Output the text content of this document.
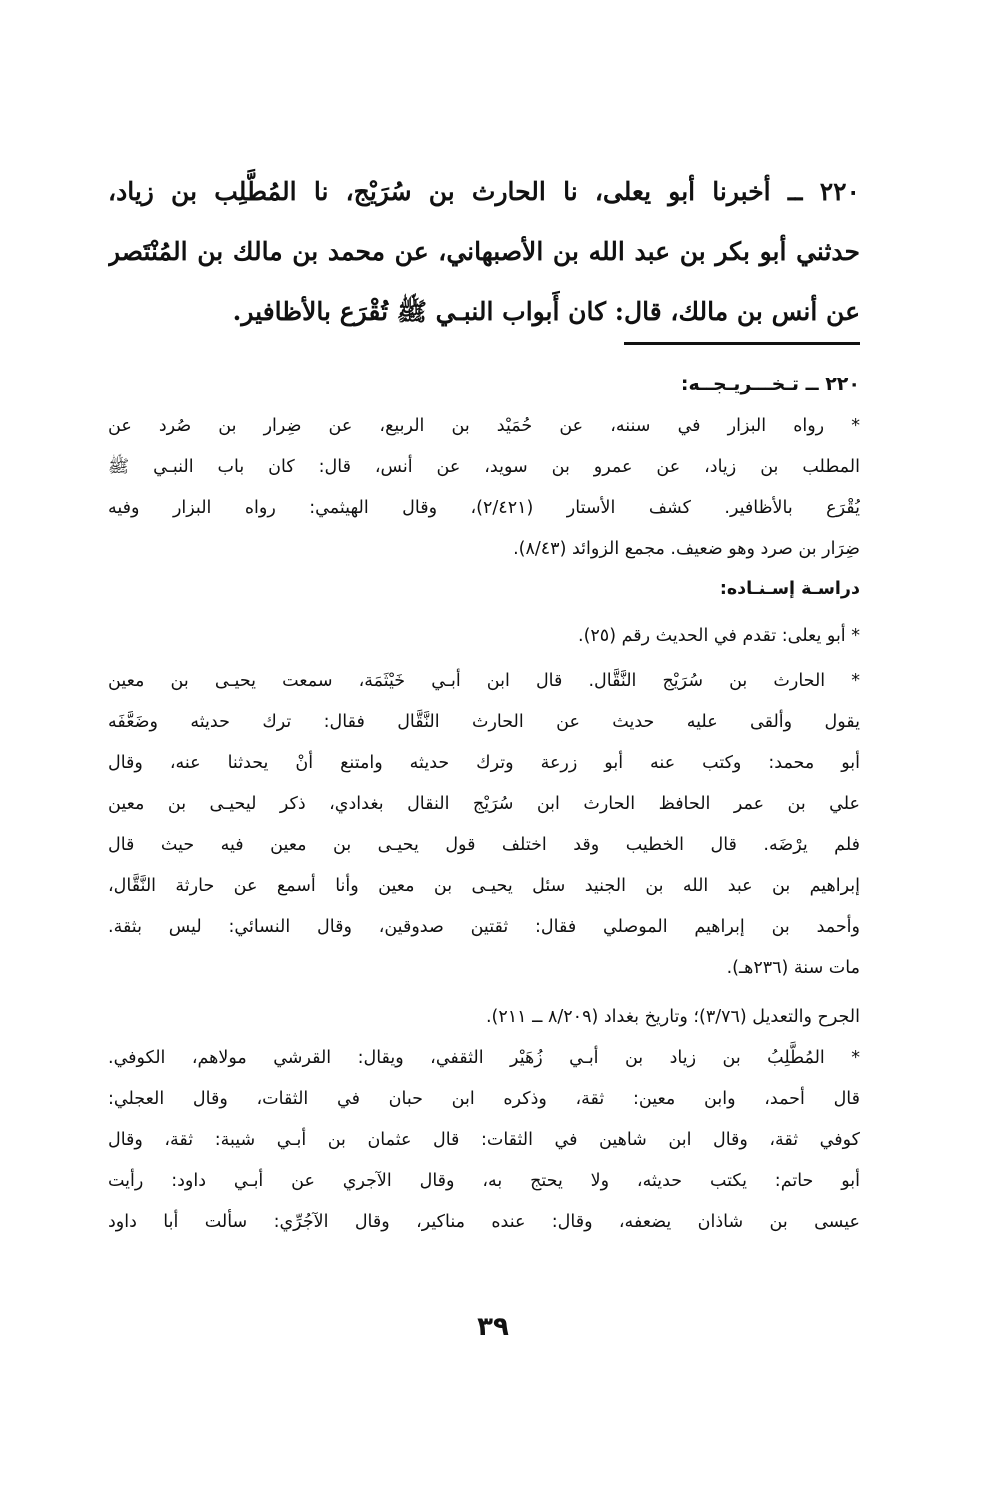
٢٢٠ ــ أخبرنا أبو يعلى، نا الحارث بن سُرَيْج، نا المُطَّلِب بن زياد،
حدثني أبو بكر بن عبد الله بن الأصبهاني، عن محمد بن مالك بن المُنْتَصر
عن أنس بن مالك، قال: كان أَبواب النبـي ﷺ تُقْرَع بالأظافير.

٢٢٠ ــ تـخـــريـجــه:

* رواه البزار في سننه، عن حُمَيْد بن الربيع، عن ضِرار بن صُرد عن
المطلب بن زياد، عن عمرو بن سويد، عن أنس، قال: كان باب النبـي ﷺ
يُقْرَع بالأظافير. كشف الأستار (٢/٤٢١)، وقال الهيثمي: رواه البزار وفيه
ضِرَار بن صرد وهو ضعيف. مجمع الزوائد (٨/٤٣).

دراسـة إسـنـاده:

* أبو يعلى: تقدم في الحديث رقم (٢٥).
* الحارث بن سُرَيْج النَّقَّال. قال ابن أبـي خَيْثَمَة، سمعت يحيـى بن معين
يقول وألقى عليه حديث عن الحارث النَّقَّال فقال: ترك حديثه وضَعَّفَه
أبو محمد: وكتب عنه أبو زرعة وترك حديثه وامتنع أنْ يحدثنا عنه، وقال
علي بن عمر الحافظ الحارث ابن سُرَيْج النقال بغدادي، ذكر ليحيـى بن معين
فلم يرْضَه. قال الخطيب وقد اختلف قول يحيـى بن معين فيه حيث قال
إبراهيم بن عبد الله بن الجنيد سئل يحيـى بن معين وأنا أسمع عن حارثة النَّقَّال،
وأحمد بن إبراهيم الموصلي فقال: ثقتين صدوقين، وقال النسائي: ليس بثقة.
مات سنة (٢٣٦هـ).
الجرح والتعديل (٣/٧٦)؛ وتاريخ بغداد (٨/٢٠٩ ــ ٢١١).
* المُطَّلِبُ بن زياد بن أبـي زُهَيْر الثقفي، ويقال: القرشي مولاهم، الكوفي.
قال أحمد، وابن معين: ثقة، وذكره ابن حبان في الثقات، وقال العجلي:
كوفي ثقة، وقال ابن شاهين في الثقات: قال عثمان بن أبـي شيبة: ثقة، وقال
أبو حاتم: يكتب حديثه، ولا يحتج به، وقال الآجري عن أبـي داود: رأيت
عيسى بن شاذان يضعفه، وقال: عنده مناكير، وقال الآجُرِّي: سألت أبا داود
٣٩
